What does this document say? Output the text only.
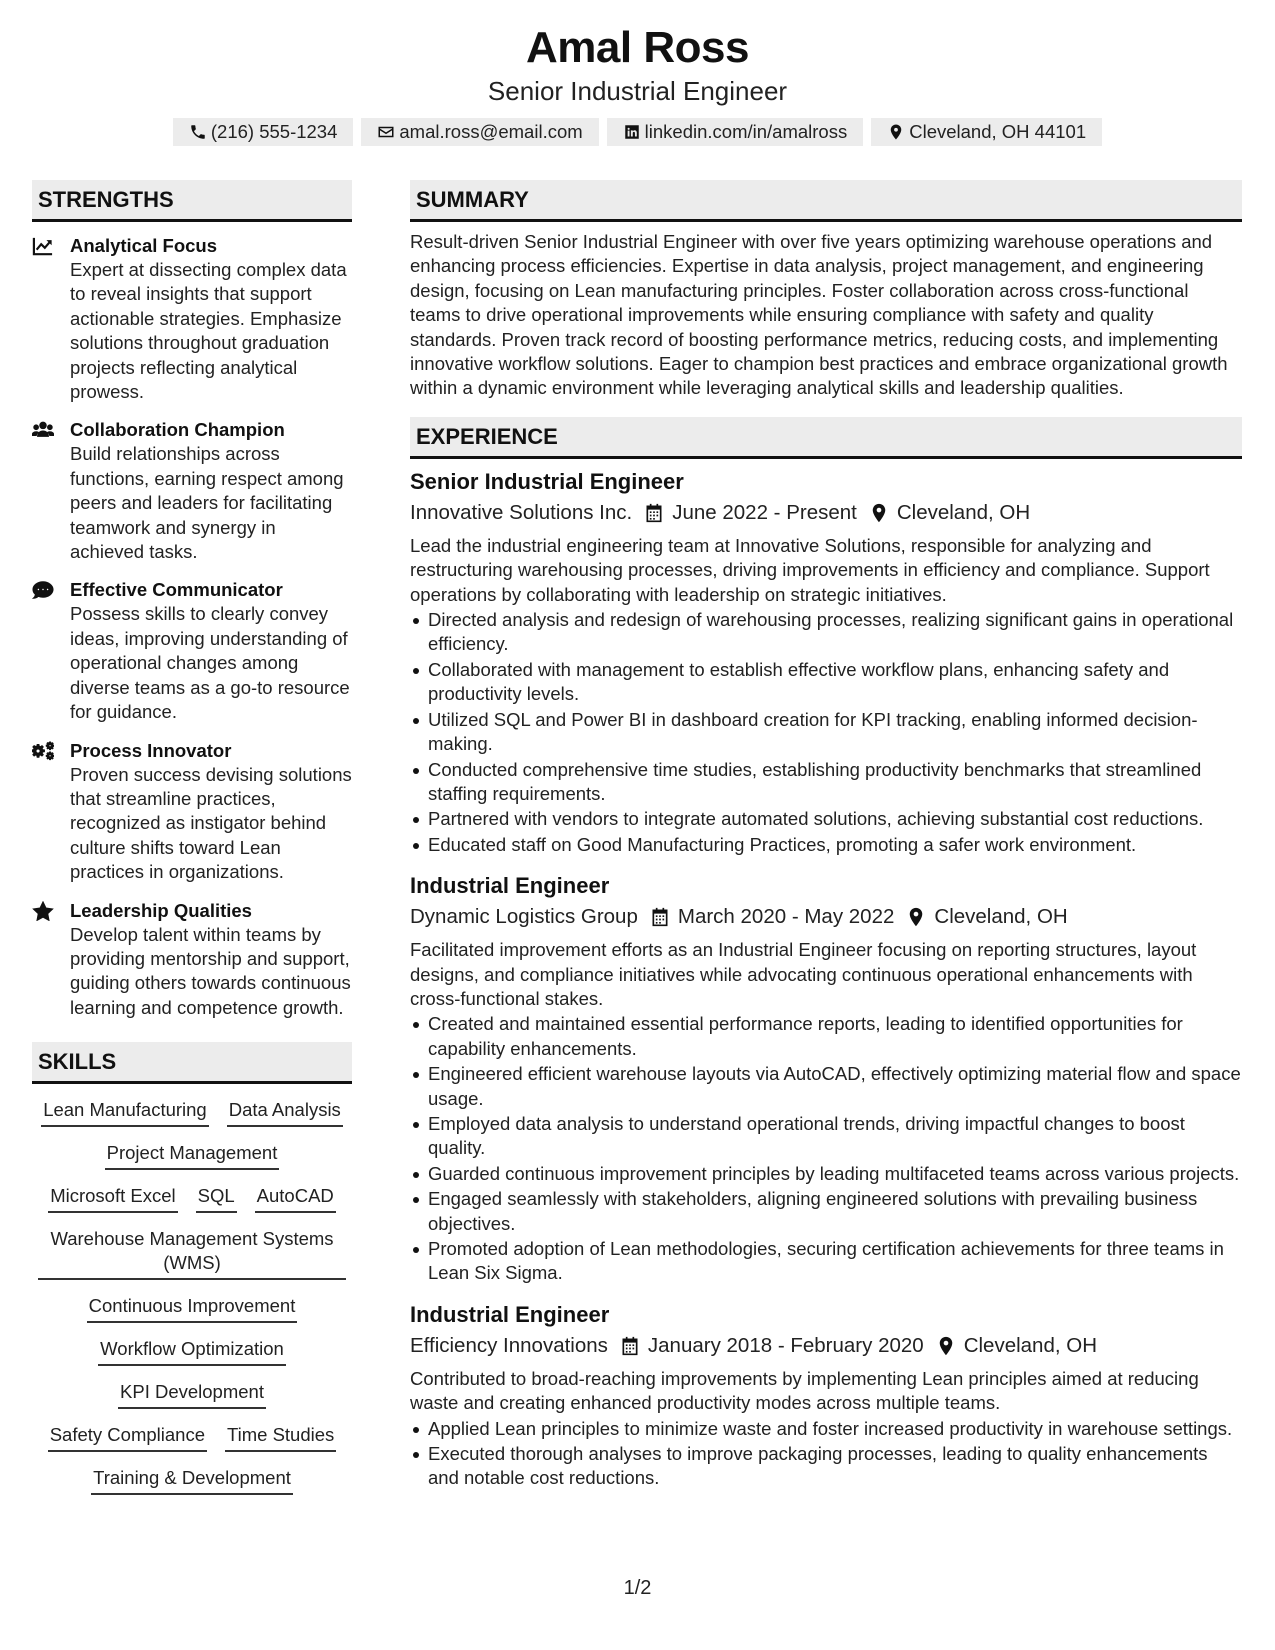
Amal Ross
Senior Industrial Engineer
(216) 555-1234	amal.ross@email.com	linkedin.com/in/amalross	Cleveland, OH 44101
STRENGTHS
Analytical Focus
Expert at dissecting complex data to reveal insights that support actionable strategies. Emphasize solutions throughout graduation projects reflecting analytical prowess.
Collaboration Champion
Build relationships across functions, earning respect among peers and leaders for facilitating teamwork and synergy in achieved tasks.
Effective Communicator
Possess skills to clearly convey ideas, improving understanding of operational changes among diverse teams as a go-to resource for guidance.
Process Innovator
Proven success devising solutions that streamline practices, recognized as instigator behind culture shifts toward Lean practices in organizations.
Leadership Qualities
Develop talent within teams by providing mentorship and support, guiding others towards continuous learning and competence growth.
SKILLS
Lean Manufacturing Data Analysis
Project Management
Microsoft Excel SQL AutoCAD
Warehouse Management Systems (WMS)
Continuous Improvement
Workflow Optimization
KPI Development
Safety Compliance Time Studies
Training & Development
SUMMARY
Result-driven Senior Industrial Engineer with over five years optimizing warehouse operations and enhancing process efficiencies. Expertise in data analysis, project management, and engineering design, focusing on Lean manufacturing principles. Foster collaboration across cross-functional teams to drive operational improvements while ensuring compliance with safety and quality standards. Proven track record of boosting performance metrics, reducing costs, and implementing innovative workflow solutions. Eager to champion best practices and embrace organizational growth within a dynamic environment while leveraging analytical skills and leadership qualities.
EXPERIENCE
Senior Industrial Engineer
Innovative Solutions Inc. June 2022 - Present Cleveland, OH
Lead the industrial engineering team at Innovative Solutions, responsible for analyzing and restructuring warehousing processes, driving improvements in efficiency and compliance. Support operations by collaborating with leadership on strategic initiatives.
Directed analysis and redesign of warehousing processes, realizing significant gains in operational efficiency.
Collaborated with management to establish effective workflow plans, enhancing safety and productivity levels.
Utilized SQL and Power BI in dashboard creation for KPI tracking, enabling informed decision-making.
Conducted comprehensive time studies, establishing productivity benchmarks that streamlined staffing requirements.
Partnered with vendors to integrate automated solutions, achieving substantial cost reductions.
Educated staff on Good Manufacturing Practices, promoting a safer work environment.
Industrial Engineer
Dynamic Logistics Group March 2020 - May 2022 Cleveland, OH
Facilitated improvement efforts as an Industrial Engineer focusing on reporting structures, layout designs, and compliance initiatives while advocating continuous operational enhancements with cross-functional stakes.
Created and maintained essential performance reports, leading to identified opportunities for capability enhancements.
Engineered efficient warehouse layouts via AutoCAD, effectively optimizing material flow and space usage.
Employed data analysis to understand operational trends, driving impactful changes to boost quality.
Guarded continuous improvement principles by leading multifaceted teams across various projects.
Engaged seamlessly with stakeholders, aligning engineered solutions with prevailing business objectives.
Promoted adoption of Lean methodologies, securing certification achievements for three teams in Lean Six Sigma.
Industrial Engineer
Efficiency Innovations January 2018 - February 2020 Cleveland, OH
Contributed to broad-reaching improvements by implementing Lean principles aimed at reducing waste and creating enhanced productivity modes across multiple teams.
Applied Lean principles to minimize waste and foster increased productivity in warehouse settings.
Executed thorough analyses to improve packaging processes, leading to quality enhancements and notable cost reductions.
1/2
